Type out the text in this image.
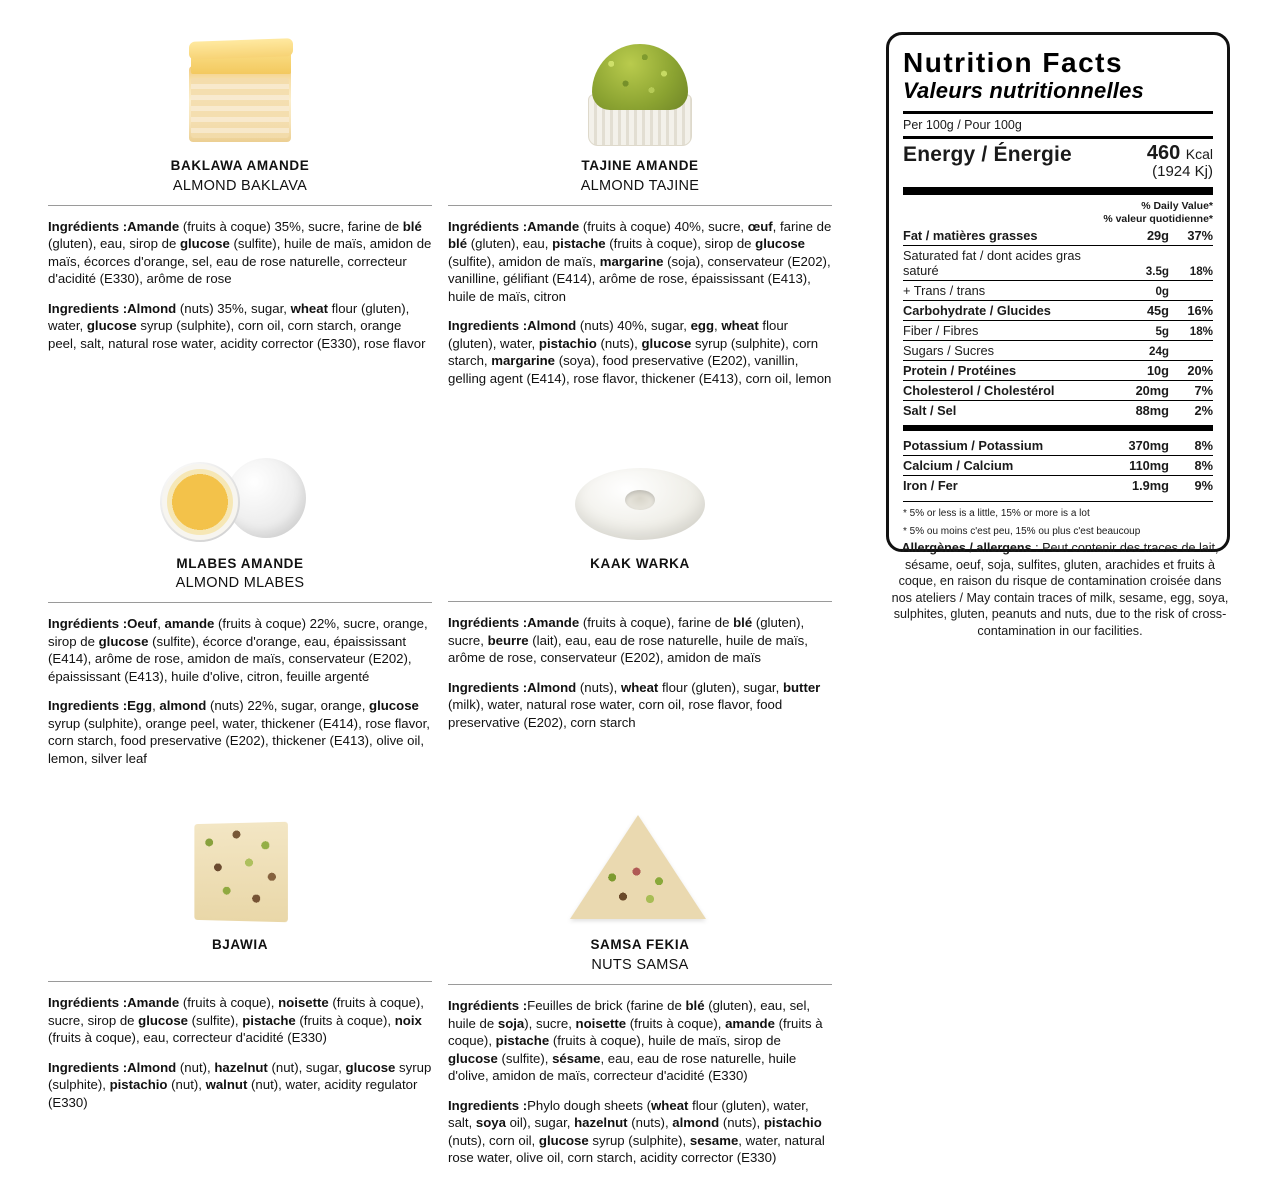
BAKLAWA AMANDE
ALMOND BAKLAVA
Ingrédients :Amande (fruits à coque) 35%, sucre, farine de blé (gluten), eau, sirop de glucose (sulfite), huile de maïs, amidon de maïs, écorces d'orange, sel, eau de rose naturelle, correcteur d'acidité (E330), arôme de rose
Ingredients :Almond (nuts) 35%, sugar, wheat flour (gluten), water, glucose syrup (sulphite), corn oil, corn starch, orange peel, salt, natural rose water, acidity corrector (E330), rose flavor
TAJINE AMANDE
ALMOND TAJINE
Ingrédients :Amande (fruits à coque) 40%, sucre, œuf, farine de blé (gluten), eau, pistache (fruits à coque), sirop de glucose (sulfite), amidon de maïs, margarine (soja), conservateur (E202), vanilline, gélifiant (E414), arôme de rose, épaississant (E413), huile de maïs, citron
Ingredients :Almond (nuts) 40%, sugar, egg, wheat flour (gluten), water, pistachio (nuts), glucose syrup (sulphite), corn starch, margarine (soya), food preservative (E202), vanillin, gelling agent (E414), rose flavor, thickener (E413), corn oil, lemon
MLABES AMANDE
ALMOND MLABES
Ingrédients :Oeuf, amande (fruits à coque) 22%, sucre, orange, sirop de glucose (sulfite), écorce d'orange, eau, épaississant (E414), arôme de rose, amidon de maïs, conservateur (E202), épaississant (E413), huile d'olive, citron, feuille argenté
Ingredients :Egg, almond (nuts) 22%, sugar, orange, glucose syrup (sulphite), orange peel, water, thickener (E414), rose flavor, corn starch, food preservative (E202), thickener (E413), olive oil, lemon, silver leaf
KAAK WARKA
Ingrédients :Amande (fruits à coque), farine de blé (gluten), sucre, beurre (lait), eau, eau de rose naturelle, huile de maïs, arôme de rose, conservateur (E202), amidon de maïs
Ingredients :Almond (nuts), wheat flour (gluten), sugar, butter (milk), water, natural rose water, corn oil, rose flavor, food preservative (E202), corn starch
BJAWIA
Ingrédients :Amande (fruits à coque), noisette (fruits à coque), sucre, sirop de glucose (sulfite), pistache (fruits à coque), noix (fruits à coque), eau, correcteur d'acidité (E330)
Ingredients :Almond (nut), hazelnut (nut), sugar, glucose syrup (sulphite), pistachio (nut), walnut (nut), water, acidity regulator (E330)
SAMSA FEKIA
NUTS SAMSA
Ingrédients :Feuilles de brick (farine de blé (gluten), eau, sel, huile de soja), sucre, noisette (fruits à coque), amande (fruits à coque), pistache (fruits à coque), huile de maïs, sirop de glucose (sulfite), sésame, eau, eau de rose naturelle, huile d'olive, amidon de maïs, correcteur d'acidité (E330)
Ingredients :Phylo dough sheets (wheat flour (gluten), water, salt, soya oil), sugar, hazelnut (nuts), almond (nuts), pistachio (nuts), corn oil, glucose syrup (sulphite), sesame, water, natural rose water, olive oil, corn starch, acidity corrector (E330)
Nutrition Facts
Valeurs nutritionnelles
Per 100g / Pour 100g
Energy / Énergie	460 Kcal
(1924 Kj)
% Daily Value*
% valeur quotidienne*
Fat / matières grasses	29g	37%
Saturated fat / dont acides gras saturé	3.5g	18%
+ Trans / trans	0g	
Carbohydrate / Glucides	45g	16%
Fiber / Fibres	5g	18%
Sugars / Sucres	24g	
Protein / Protéines	10g	20%
Cholesterol / Cholestérol	20mg	7%
Salt / Sel	88mg	2%
Potassium / Potassium	370mg	8%
Calcium / Calcium	110mg	8%
Iron / Fer	1.9mg	9%
* 5% or less is a little, 15% or more is a lot
* 5% ou moins c'est peu, 15% ou plus c'est beaucoup
Allergènes / allergens : Peut contenir des traces de lait, sésame, oeuf, soja, sulfites, gluten, arachides et fruits à coque, en raison du risque de contamination croisée dans nos ateliers / May contain traces of milk, sesame, egg, soya, sulphites, gluten, peanuts and nuts, due to the risk of cross-contamination in our facilities.
